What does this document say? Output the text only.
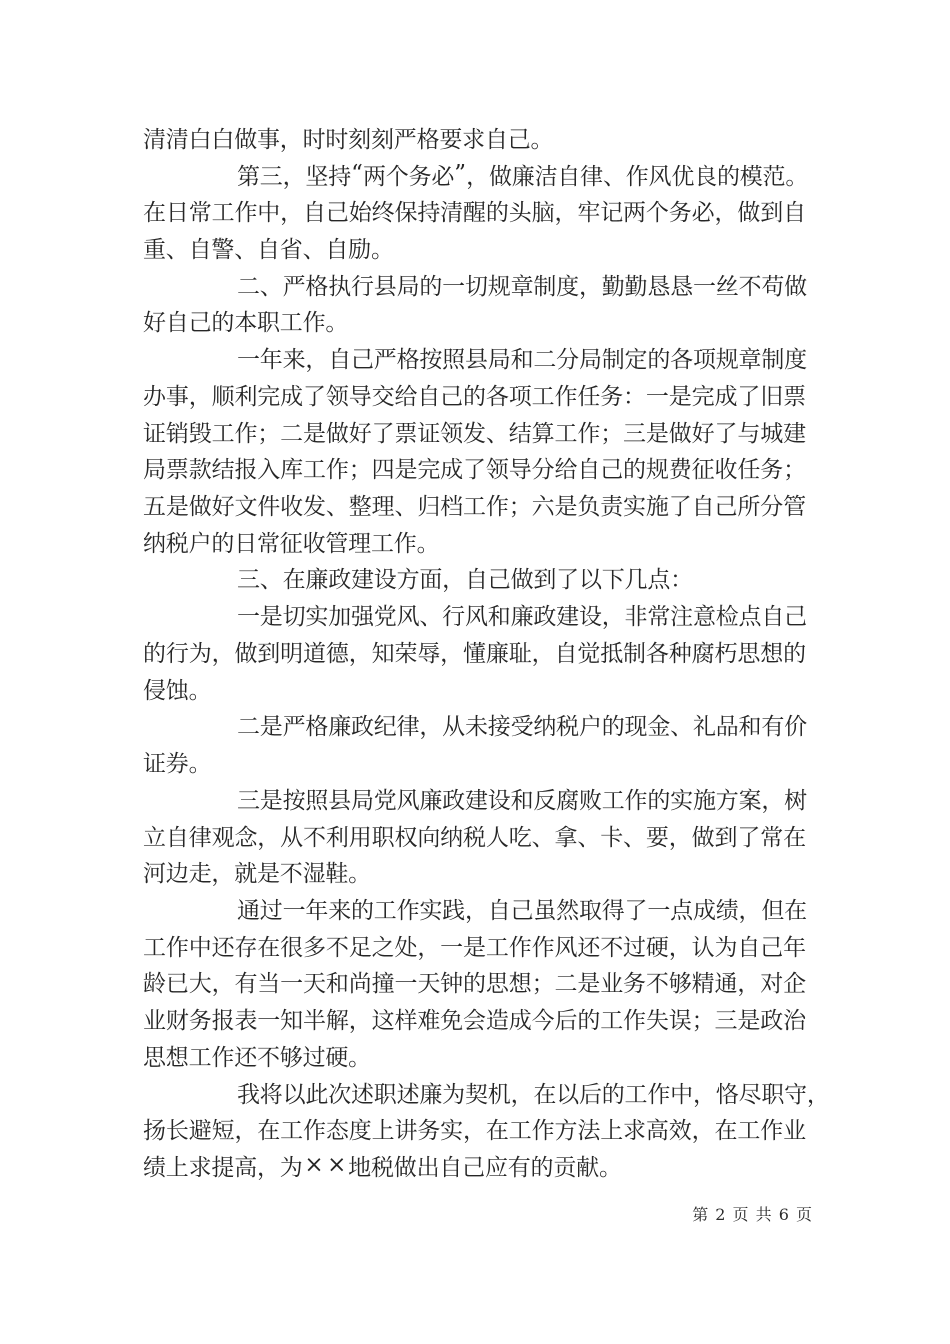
清 清 白 白 做 事 ， 时 时 刻 刻 严 格 要 求 自 己 。
第 三 ， 坚 持 “ 两 个 务 必 ” ， 做 廉 洁 自 律 、 作 风 优 良 的 模 范 。
在 日 常 工 作 中 ， 自 己 始 终 保 持 清 醒 的 头 脑 ， 牢 记 两 个 务 必 ， 做 到 自
重 、 自 警 、 自 省 、 自 励 。
二 、 严 格 执 行 县 局 的 一 切 规 章 制 度 ， 勤 勤 恳 恳 一 丝 不 苟 做
好 自 己 的 本 职 工 作 。
一 年 来 ， 自 己 严 格 按 照 县 局 和 二 分 局 制 定 的 各 项 规 章 制 度
办 事 ， 顺 利 完 成 了 领 导 交 给 自 己 的 各 项 工 作 任 务 ： 一 是 完 成 了 旧 票
证 销 毁 工 作 ； 二 是 做 好 了 票 证 领 发 、 结 算 工 作 ； 三 是 做 好 了 与 城 建
局 票 款 结 报 入 库 工 作 ； 四 是 完 成 了 领 导 分 给 自 己 的 规 费 征 收 任 务 ；
五 是 做 好 文 件 收 发 、 整 理 、 归 档 工 作 ； 六 是 负 责 实 施 了 自 己 所 分 管
纳 税 户 的 日 常 征 收 管 理 工 作 。
三 、 在 廉 政 建 设 方 面 ， 自 己 做 到 了 以 下 几 点 ：
一 是 切 实 加 强 党 风 、 行 风 和 廉 政 建 设 ， 非 常 注 意 检 点 自 己
的 行 为 ， 做 到 明 道 德 ， 知 荣 辱 ， 懂 廉 耻 ， 自 觉 抵 制 各 种 腐 朽 思 想 的
侵 蚀 。
二 是 严 格 廉 政 纪 律 ， 从 未 接 受 纳 税 户 的 现 金 、 礼 品 和 有 价
证 券 。
三 是 按 照 县 局 党 风 廉 政 建 设 和 反 腐 败 工 作 的 实 施 方 案 ， 树
立 自 律 观 念 ， 从 不 利 用 职 权 向 纳 税 人 吃 、 拿 、 卡 、 要 ， 做 到 了 常 在
河 边 走 ， 就 是 不 湿 鞋 。
通 过 一 年 来 的 工 作 实 践 ， 自 己 虽 然 取 得 了 一 点 成 绩 ， 但 在
工 作 中 还 存 在 很 多 不 足 之 处 ， 一 是 工 作 作 风 还 不 过 硬 ， 认 为 自 己 年
龄 已 大 ， 有 当 一 天 和 尚 撞 一 天 钟 的 思 想 ； 二 是 业 务 不 够 精 通 ， 对 企
业 财 务 报 表 一 知 半 解 ， 这 样 难 免 会 造 成 今 后 的 工 作 失 误 ； 三 是 政 治
思 想 工 作 还 不 够 过 硬 。
我 将 以 此 次 述 职 述 廉 为 契 机 ， 在 以 后 的 工 作 中 ， 恪 尽 职 守 ，
扬 长 避 短 ， 在 工 作 态 度 上 讲 务 实 ， 在 工 作 方 法 上 求 高 效 ， 在 工 作 业
绩 上 求 提 高 ， 为 × × 地 税 做 出 自 己 应 有 的 贡 献 。
第 2 页 共 6 页
